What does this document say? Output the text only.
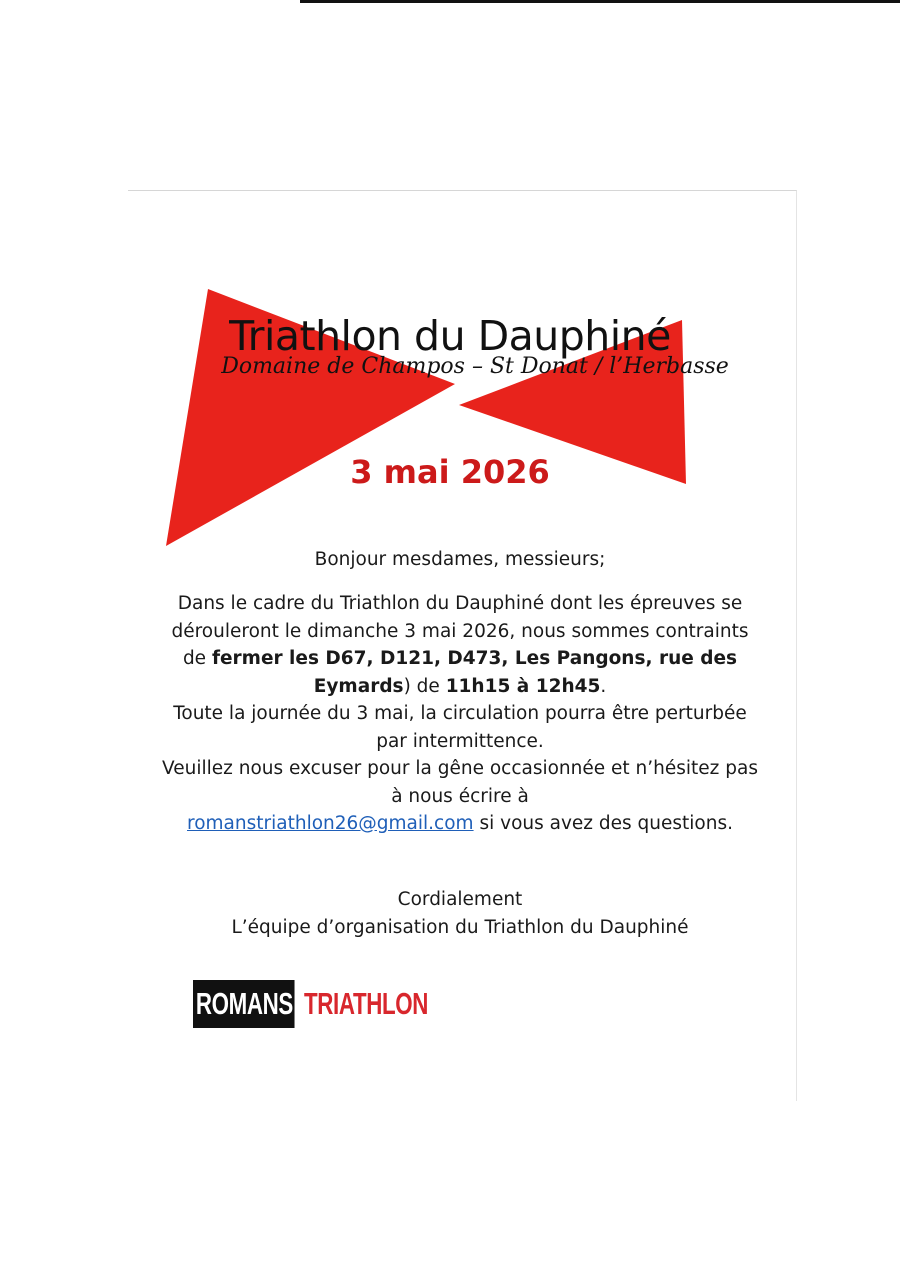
Triathlon du Dauphiné
Domaine de Champos – St Donat / l’Herbasse
3 mai 2026
Bonjour mesdames, messieurs;
Dans le cadre du Triathlon du Dauphiné dont les épreuves se dérouleront le dimanche 3 mai 2026, nous sommes contraints de fermer les D67, D121, D473, Les Pangons, rue des Eymards) de 11h15 à 12h45.
Toute la journée du 3 mai, la circulation pourra être perturbée par intermittence.
Veuillez nous excuser pour la gêne occasionnée et n’hésitez pas à nous écrire à
romanstriathlon26@gmail.com si vous avez des questions.
Cordialement
L’équipe d’organisation du Triathlon du Dauphiné
ROMANS TRIATHLON
